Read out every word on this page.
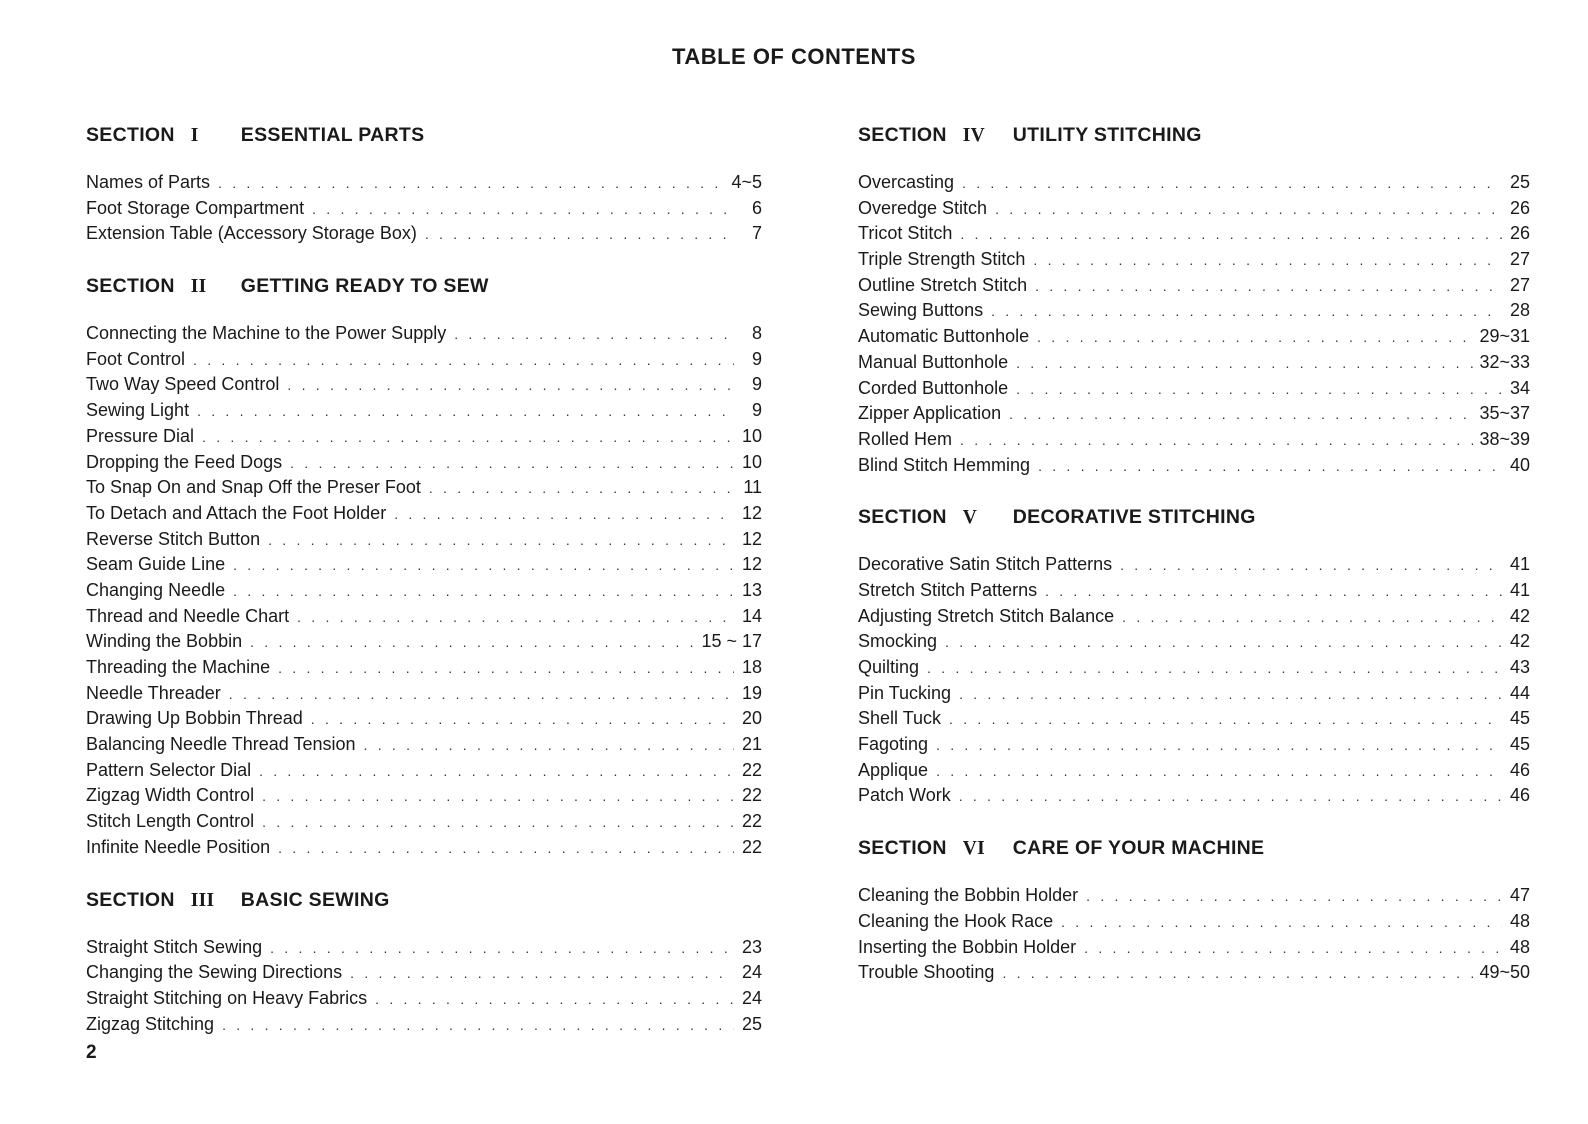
TABLE OF CONTENTS
SECTION I ESSENTIAL PARTS
Names of Parts . . .	4~5
Foot Storage Compartment . . .	6
Extension Table (Accessory Storage Box) . . .	7
SECTION II GETTING READY TO SEW
Connecting the Machine to the Power Supply . . .	8
Foot Control . . .	9
Two Way Speed Control . . .	9
Sewing Light . . .	9
Pressure Dial . . .	10
Dropping the Feed Dogs . . .	10
To Snap On and Snap Off the Preser Foot . . .	11
To Detach and Attach the Foot Holder . . .	12
Reverse Stitch Button . . .	12
Seam Guide Line . . .	12
Changing Needle . . .	13
Thread and Needle Chart . . .	14
Winding the Bobbin . . .	15 ~ 17
Threading the Machine . . .	18
Needle Threader . . .	19
Drawing Up Bobbin Thread . . .	20
Balancing Needle Thread Tension . . .	21
Pattern Selector Dial . . .	22
Zigzag Width Control . . .	22
Stitch Length Control . . .	22
Infinite Needle Position . . .	22
SECTION III BASIC SEWING
Straight Stitch Sewing . . .	23
Changing the Sewing Directions . . .	24
Straight Stitching on Heavy Fabrics . . .	24
Zigzag Stitching . . .	25
SECTION IV UTILITY STITCHING
Overcasting . . .	25
Overedge Stitch . . .	26
Tricot Stitch . . .	26
Triple Strength Stitch . . .	27
Outline Stretch Stitch . . .	27
Sewing Buttons . . .	28
Automatic Buttonhole . . .	29~31
Manual Buttonhole . . .	32~33
Corded Buttonhole . . .	34
Zipper Application . . .	35~37
Rolled Hem . . .	38~39
Blind Stitch Hemming . . .	40
SECTION V DECORATIVE STITCHING
Decorative Satin Stitch Patterns . . .	41
Stretch Stitch Patterns . . .	41
Adjusting Stretch Stitch Balance . . .	42
Smocking . . .	42
Quilting . . .	43
Pin Tucking . . .	44
Shell Tuck . . .	45
Fagoting . . .	45
Applique . . .	46
Patch Work . . .	46
SECTION VI CARE OF YOUR MACHINE
Cleaning the Bobbin Holder . . .	47
Cleaning the Hook Race . . .	48
Inserting the Bobbin Holder . . .	48
Trouble Shooting . . .	49~50
2
